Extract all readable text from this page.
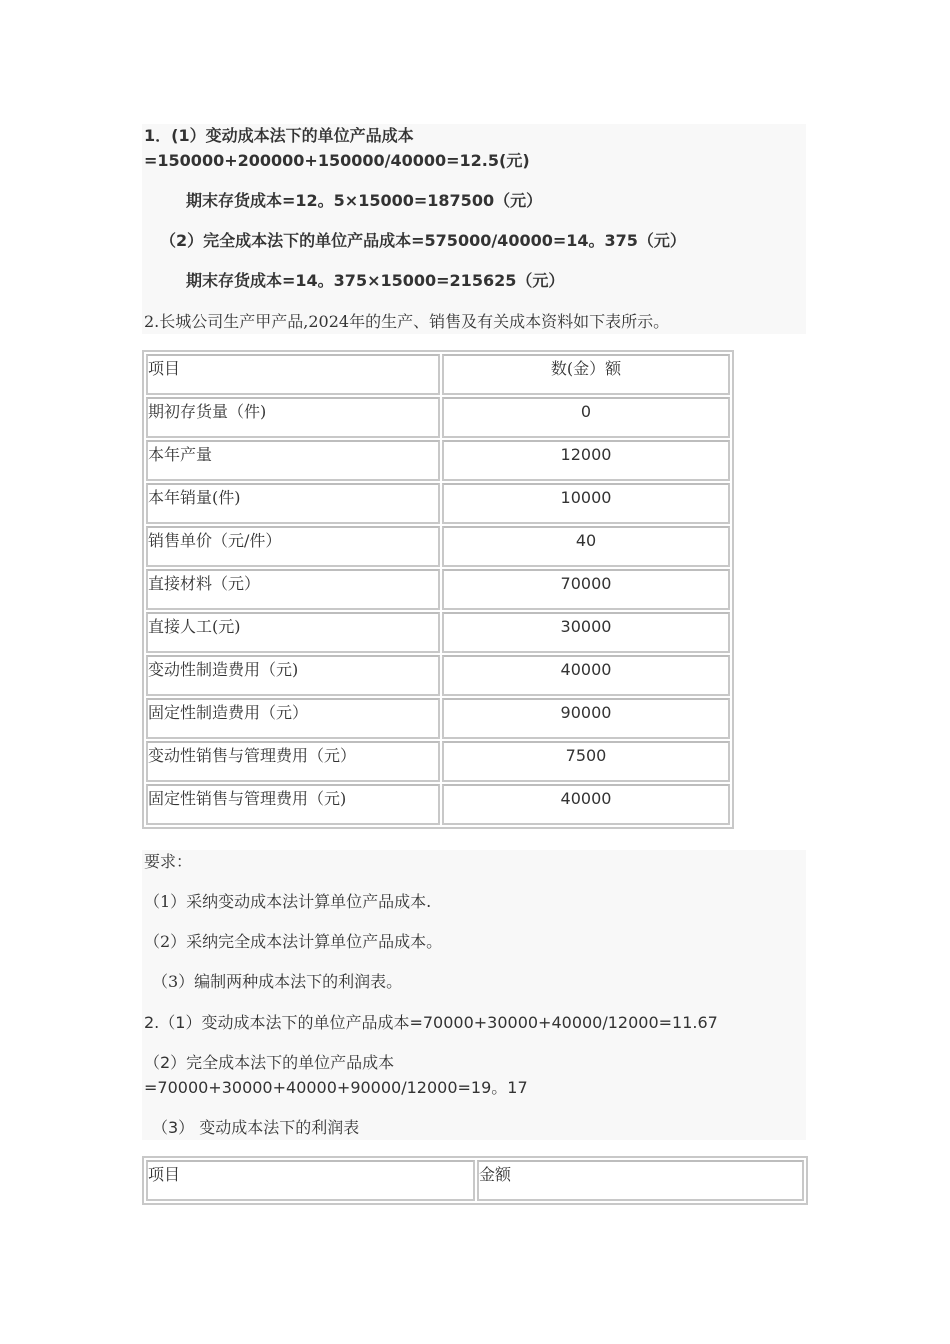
1．(1）变动成本法下的单位产品成本
=150000+200000+150000/40000=12.5(元)
期末存货成本=12。5×15000=187500（元）
（2）完全成本法下的单位产品成本=575000/40000=14。375（元）
期末存货成本=14。375×15000=215625（元）
2.长城公司生产甲产品,2024年的生产、销售及有关成本资料如下表所示。
项目	数(金）额
期初存货量（件)	0
本年产量	12000
本年销量(件)	10000
销售单价（元/件）	40
直接材料（元）	70000
直接人工(元)	30000
变动性制造费用（元)	40000
固定性制造费用（元）	90000
变动性销售与管理费用（元）	7500
固定性销售与管理费用（元)	40000
要求：
（1）采纳变动成本法计算单位产品成本.
（2）采纳完全成本法计算单位产品成本。
（3）编制两种成本法下的利润表。
2.（1）变动成本法下的单位产品成本=70000+30000+40000/12000=11.67
（2）完全成本法下的单位产品成本
=70000+30000+40000+90000/12000=19。17
（3） 变动成本法下的利润表
项目	金额
